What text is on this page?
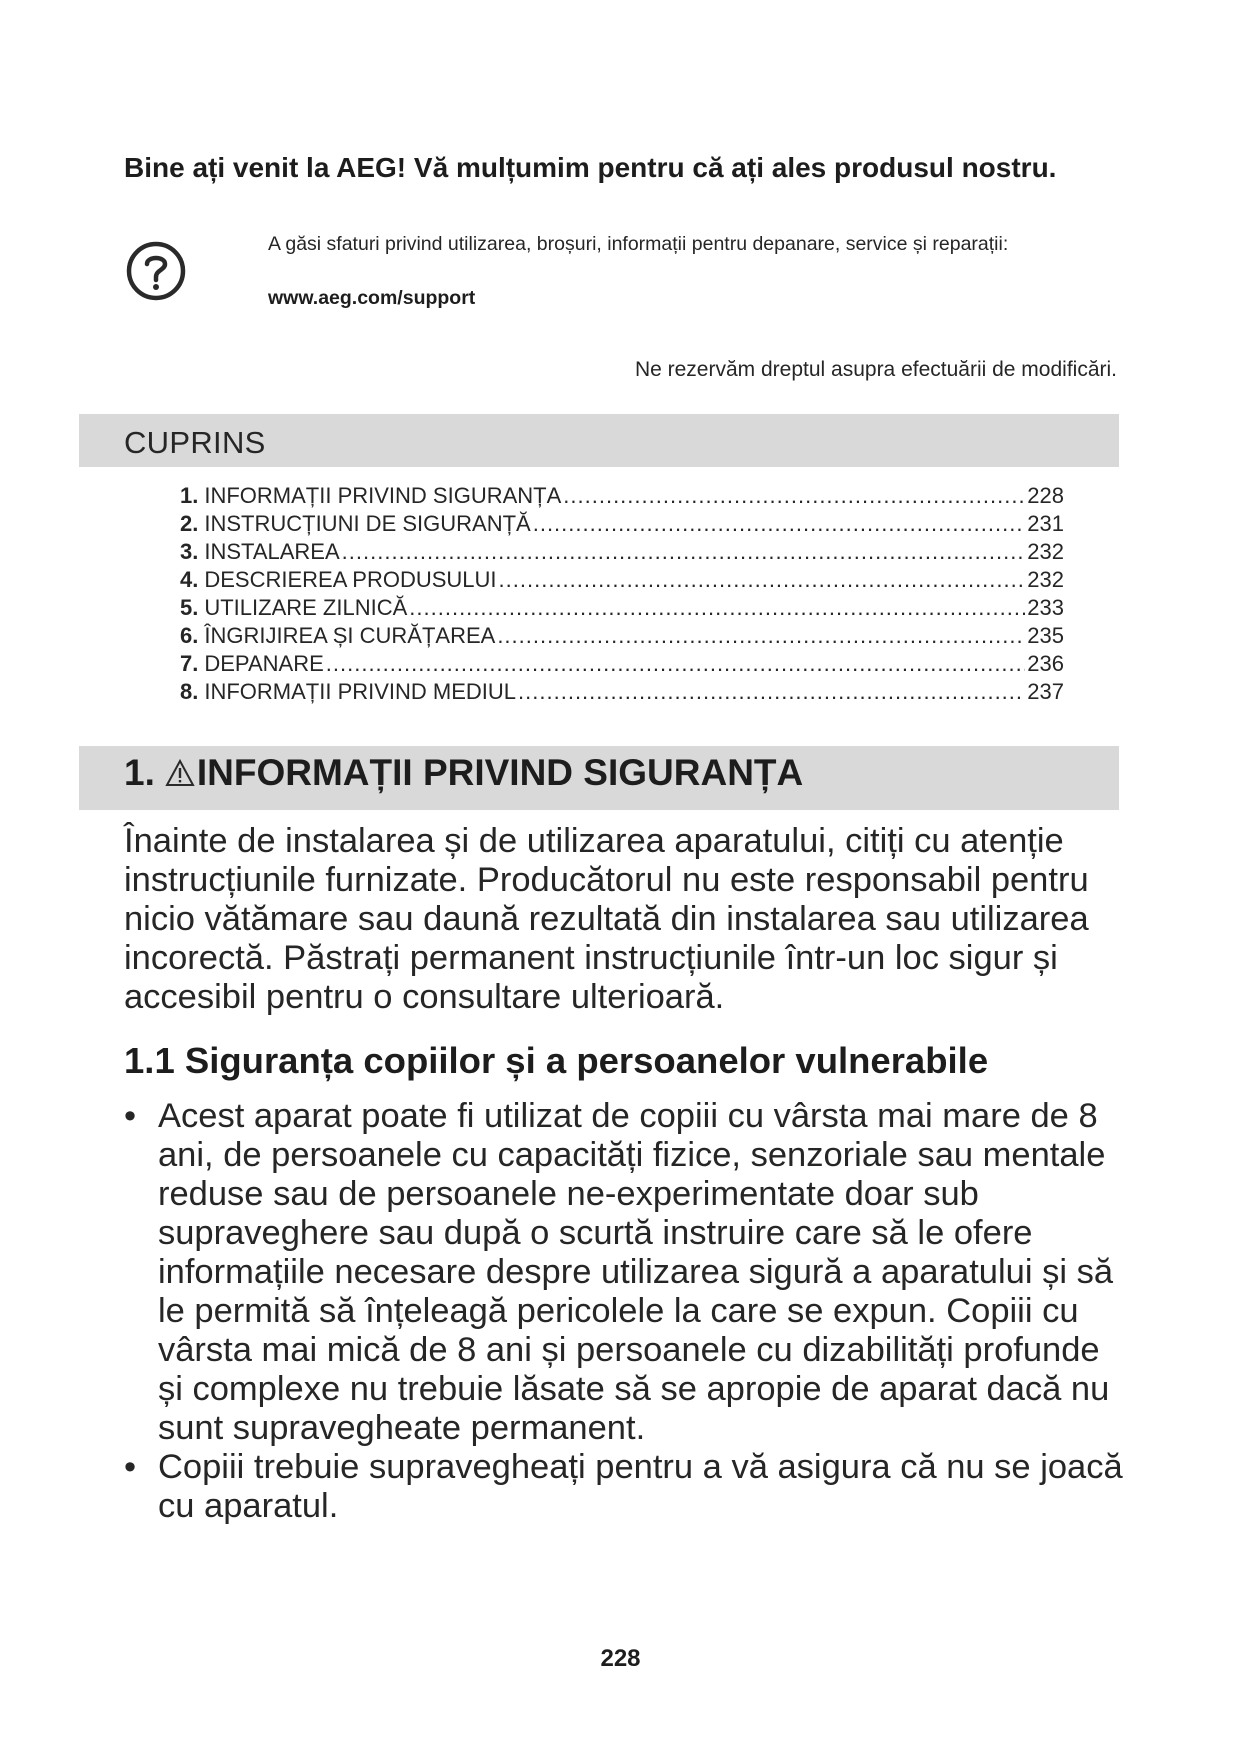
Bine ați venit la AEG! Vă mulțumim pentru că ați ales produsul nostru.
A găsi sfaturi privind utilizarea, broșuri, informații pentru depanare, service și reparații:
www.aeg.com/support
Ne rezervăm dreptul asupra efectuării de modificări.
CUPRINS
1. INFORMAȚII PRIVIND SIGURANȚA .....	228
2. INSTRUCȚIUNI DE SIGURANȚĂ .....	231
3. INSTALAREA .....	232
4. DESCRIEREA PRODUSULUI .....	232
5. UTILIZARE ZILNICĂ .....	233
6. ÎNGRIJIREA ȘI CURĂȚAREA .....	235
7. DEPANARE .....	236
8. INFORMAȚII PRIVIND MEDIUL .....	237
1. INFORMAȚII PRIVIND SIGURANȚA

Înainte de instalarea și de utilizarea aparatului, citiți cu atenție instrucțiunile furnizate. Producătorul nu este responsabil pentru nicio vătămare sau daună rezultată din instalarea sau utilizarea incorectă. Păstrați permanent instrucțiunile într-un loc sigur și accesibil pentru o consultare ulterioară.

1.1 Siguranța copiilor și a persoanelor vulnerabile
• Acest aparat poate fi utilizat de copiii cu vârsta mai mare de 8 ani, de persoanele cu capacități fizice, senzoriale sau mentale reduse sau de persoanele ne-experimentate doar sub supraveghere sau după o scurtă instruire care să le ofere informațiile necesare despre utilizarea sigură a aparatului și să le permită să înțeleagă pericolele la care se expun. Copiii cu vârsta mai mică de 8 ani și persoanele cu dizabilități profunde și complexe nu trebuie lăsate să se apropie de aparat dacă nu sunt supravegheate permanent.
• Copiii trebuie supravegheați pentru a vă asigura că nu se joacă cu aparatul.
228
